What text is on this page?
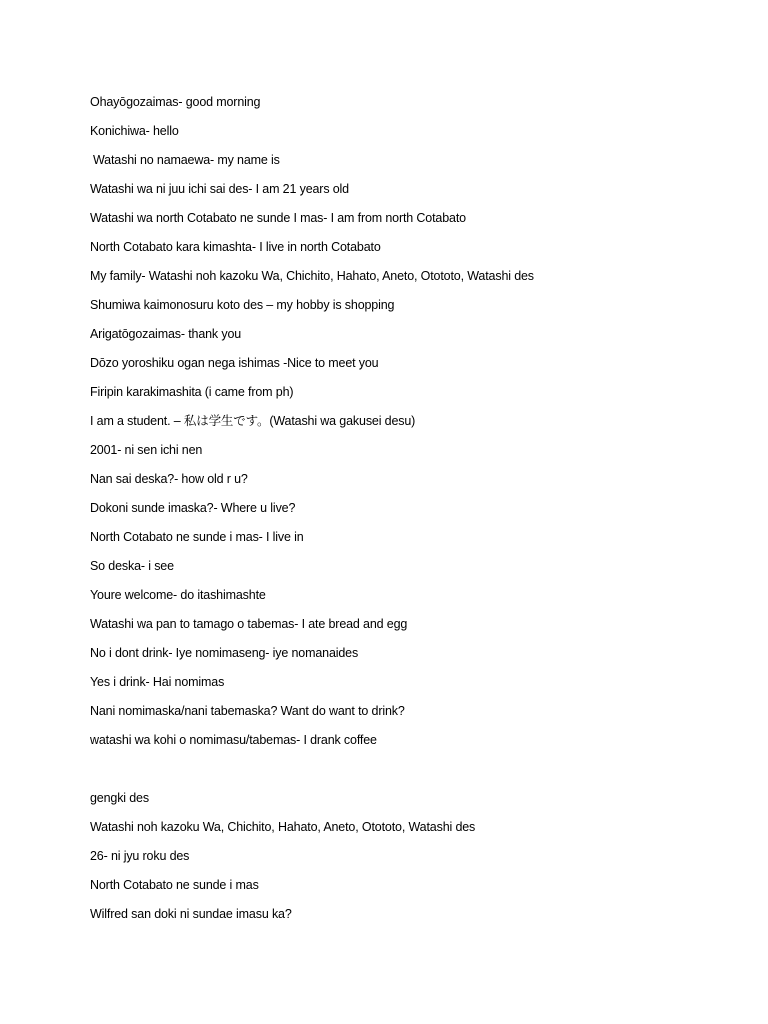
Ohayōgozaimas- good morning
Konichiwa- hello
Watashi no namaewa- my name is
Watashi wa ni juu ichi sai des- I am 21 years old
Watashi wa north Cotabato ne sunde I mas- I am from north Cotabato
North Cotabato kara kimashta- I live in north Cotabato
My family- Watashi noh kazoku Wa, Chichito, Hahato, Aneto, Otototo, Watashi des
Shumiwa kaimonosuru koto des – my hobby is shopping
Arigatōgozaimas- thank you
Dōzo yoroshiku ogan nega ishimas -Nice to meet you
Firipin karakimashita (i came from ph)
I am a student. – 私は学生です。(Watashi wa gakusei desu)
2001- ni sen ichi nen
Nan sai deska?- how old r u?
Dokoni sunde imaska?- Where u live?
North Cotabato ne sunde i mas- I live in
So deska- i see
Youre welcome- do itashimashte
Watashi wa pan to tamago o tabemas- I ate bread and egg
No i dont drink- Iye nomimaseng- iye nomanaides
Yes i drink- Hai nomimas
Nani nomimaska/nani tabemaska? Want do want to drink?
watashi wa kohi o nomimasu/tabemas- I drank coffee
gengki des
Watashi noh kazoku Wa, Chichito, Hahato, Aneto, Otototo, Watashi des
26- ni jyu roku des
North Cotabato ne sunde i mas
Wilfred san doki ni sundae imasu ka?
